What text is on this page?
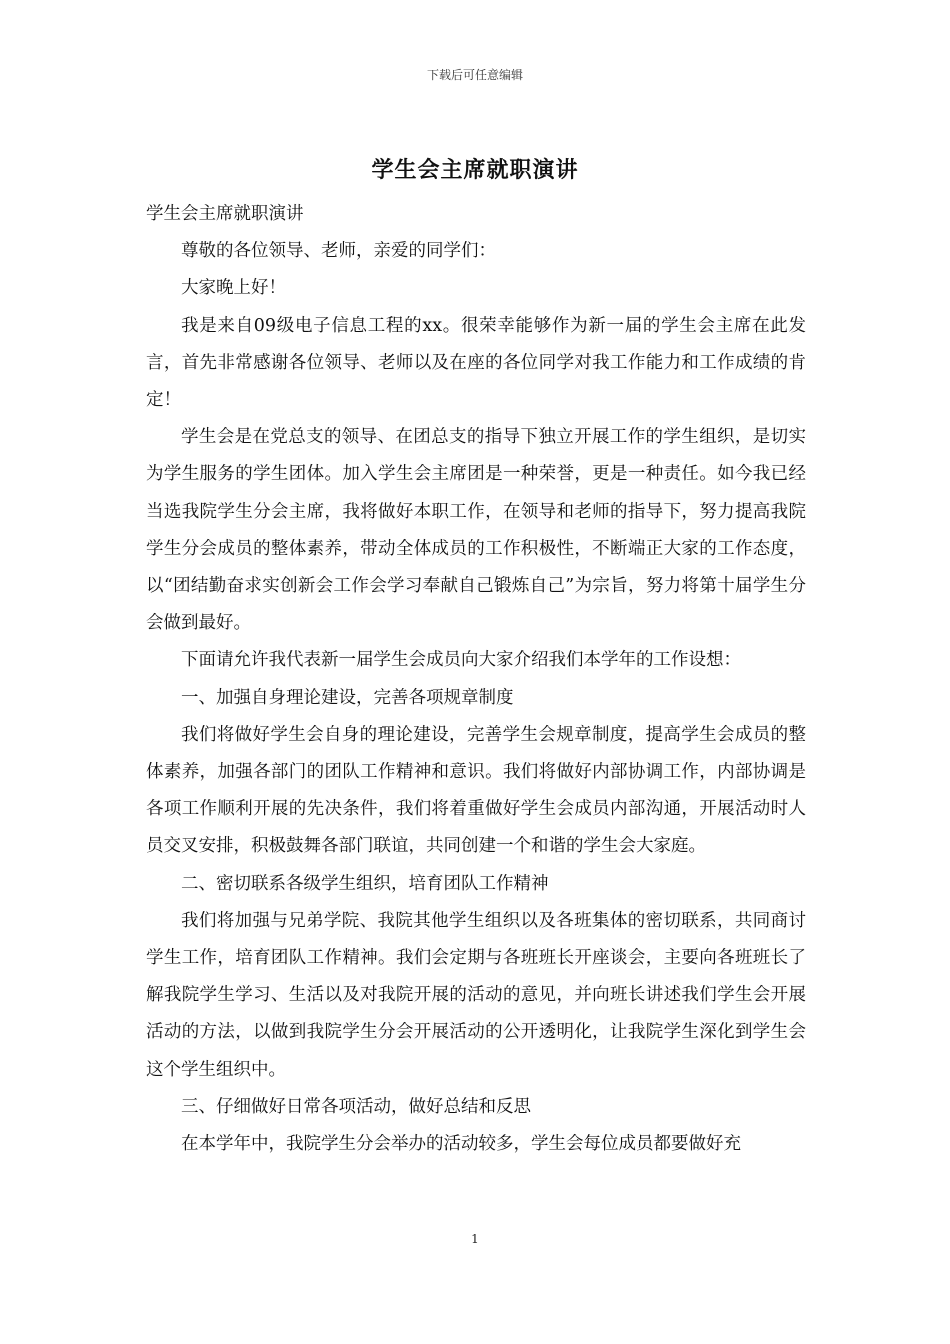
下载后可任意编辑
学生会主席就职演讲

学生会主席就职演讲

尊敬的各位领导、老师，亲爱的同学们：

大家晚上好！

我是来自09级电子信息工程的xx。很荣幸能够作为新一届的学生会主席在此发言，首先非常感谢各位领导、老师以及在座的各位同学对我工作能力和工作成绩的肯定！

学生会是在党总支的领导、在团总支的指导下独立开展工作的学生组织，是切实为学生服务的学生团体。加入学生会主席团是一种荣誉，更是一种责任。如今我已经当选我院学生分会主席，我将做好本职工作，在领导和老师的指导下，努力提高我院学生分会成员的整体素养，带动全体成员的工作积极性，不断端正大家的工作态度，以“团结勤奋求实创新会工作会学习奉献自己锻炼自己”为宗旨，努力将第十届学生分会做到最好。

下面请允许我代表新一届学生会成员向大家介绍我们本学年的工作设想：

一、加强自身理论建设，完善各项规章制度

我们将做好学生会自身的理论建设，完善学生会规章制度，提高学生会成员的整体素养，加强各部门的团队工作精神和意识。我们将做好内部协调工作，内部协调是各项工作顺利开展的先决条件，我们将着重做好学生会成员内部沟通，开展活动时人员交叉安排，积极鼓舞各部门联谊，共同创建一个和谐的学生会大家庭。

二、密切联系各级学生组织，培育团队工作精神

我们将加强与兄弟学院、我院其他学生组织以及各班集体的密切联系，共同商讨学生工作，培育团队工作精神。我们会定期与各班班长开座谈会，主要向各班班长了解我院学生学习、生活以及对我院开展的活动的意见，并向班长讲述我们学生会开展活动的方法，以做到我院学生分会开展活动的公开透明化，让我院学生深化到学生会这个学生组织中。

三、仔细做好日常各项活动，做好总结和反思

在本学年中，我院学生分会举办的活动较多，学生会每位成员都要做好充

1
